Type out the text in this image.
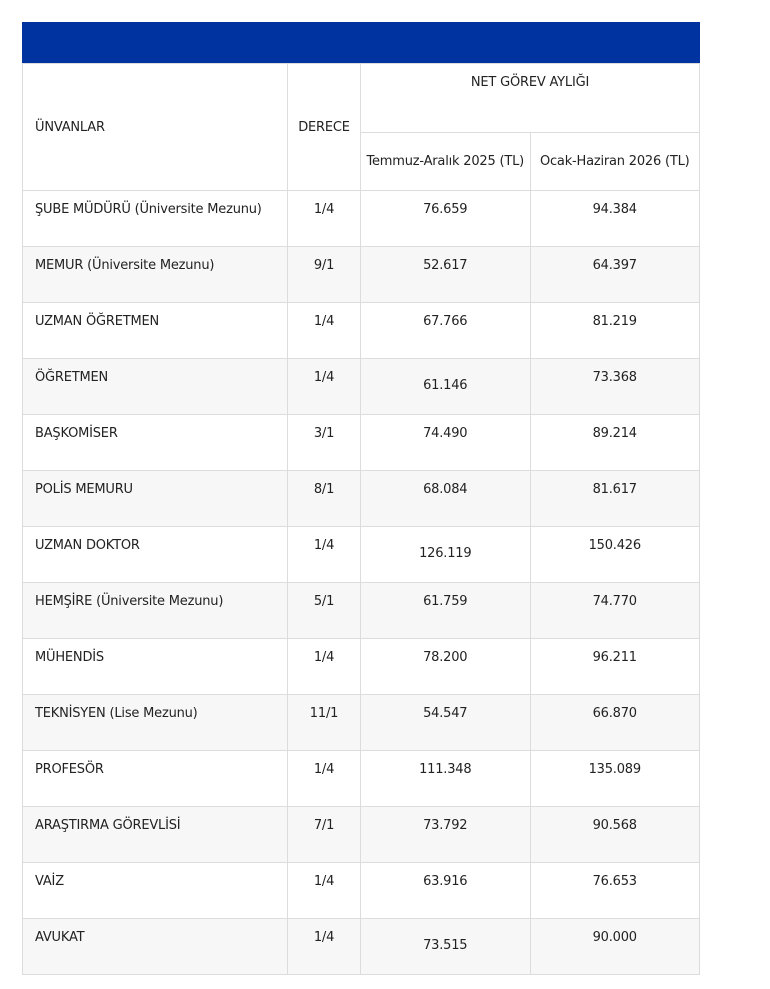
ÜNVANLAR	DERECE	NET GÖREV AYLIĞI	
		Temmuz-Aralık 2025 (TL)	Ocak-Haziran 2026 (TL)
ŞUBE MÜDÜRÜ (Üniversite Mezunu)	1/4	76.659	94.384
MEMUR (Üniversite Mezunu)	9/1	52.617	64.397
UZMAN ÖĞRETMEN	1/4	67.766	81.219
ÖĞRETMEN	1/4	61.146	73.368
BAŞKOMİSER	3/1	74.490	89.214
POLİS MEMURU	8/1	68.084	81.617
UZMAN DOKTOR	1/4	126.119	150.426
HEMŞİRE (Üniversite Mezunu)	5/1	61.759	74.770
MÜHENDİS	1/4	78.200	96.211
TEKNİSYEN (Lise Mezunu)	11/1	54.547	66.870
PROFESÖR	1/4	111.348	135.089
ARAŞTIRMA GÖREVLİSİ	7/1	73.792	90.568
VAİZ	1/4	63.916	76.653
AVUKAT	1/4	73.515	90.000
